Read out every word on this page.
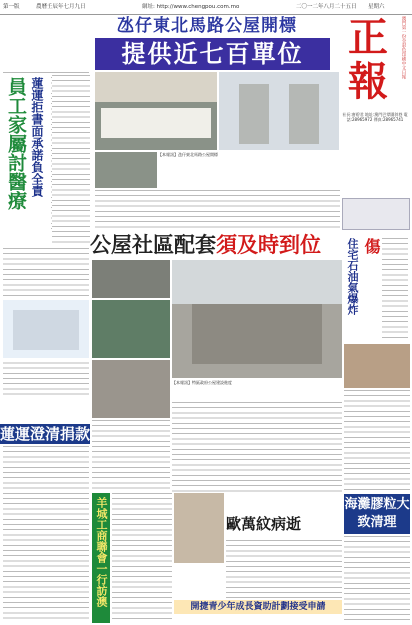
第一版	農曆壬辰年七月九日	網址: http://www.chengpou.com.mo	二〇一二年八月二十五日 星期六
氹仔東北馬路公屋開標
提供近七百單位	正
報
澳門第一份全彩色印刷中文日報
社長:唐碧君 地址:澳門巴掌圍斜巷 電話:28965972 傳真:28965741
員工家屬討醫療 蓮運拒書面承諾負全責
蓮運澄清捐款
【本報訊】氹仔東北馬路公屋開標
公屋社區配套須及時到位
【本報訊】特區政府公屋建設進度
住宅石油氣爆炸 傷
羊城工商聯會一行訪澳	歐萬紋病逝
開捷青少年成長資助計劃接受申請
海灘膠粒大致清理
